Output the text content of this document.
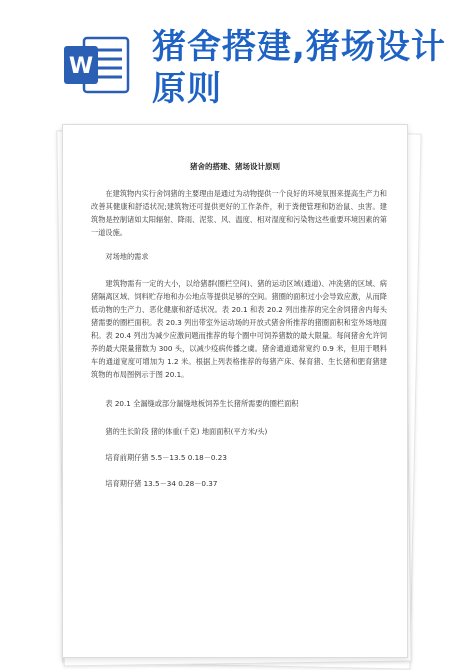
W 猪舍搭建,猪场设计原则
猪舍的搭建、猪场设计原则
在建筑物内实行舍饲猪的主要理由是通过为动物提供一个良好的环境氛围来提高生产力和改善其健康和舒适状况;建筑物还可提供更好的工作条件，利于粪便管理和防治鼠、虫害。建筑物是控制诸如太阳辐射、降雨、泥浆、风、温度、相对湿度和污染物这些重要环境因素的第一道设施。
对场地的需求
建筑物需有一定的大小，以给猪群(圈栏空间)、猪的运动区域(通道)、冲洗猪的区域、病猪隔离区域、饲料贮存地和办公地点等提供足够的空间。猪圈的面积过小会导致应激，从而降低动物的生产力、恶化健康和舒适状况。表 20.1 和表 20.2 列出推荐的完全舍饲猪舍内每头猪需要的圈栏面积。表 20.3 列出带室外运动场的开放式猪舍所推荐的猪圈面积和室外场地面积。表 20.4 列出为减少应激问题而推荐的每个圈中可饲养猪数的最大限量。每间猪舍允许饲养的最大限量猪数为 300 头，以减少疫病传播之虞。猪舍通道通常宽约 0.9 米，但用于喂料车的通道宽度可增加为 1.2 米。根据上列表格推荐的每猪产床、保育猪、生长猪和肥育猪建筑物的布局图例示于图 20.1。
表 20.1 全漏缝或部分漏缝地板饲养生长猪所需要的圈栏面积
猪的生长阶段 猪的体重(千克) 地面面积(平方米/头)
培育前期仔猪 5.5－13.5 0.18－0.23
培育期仔猪 13.5－34 0.28－0.37
